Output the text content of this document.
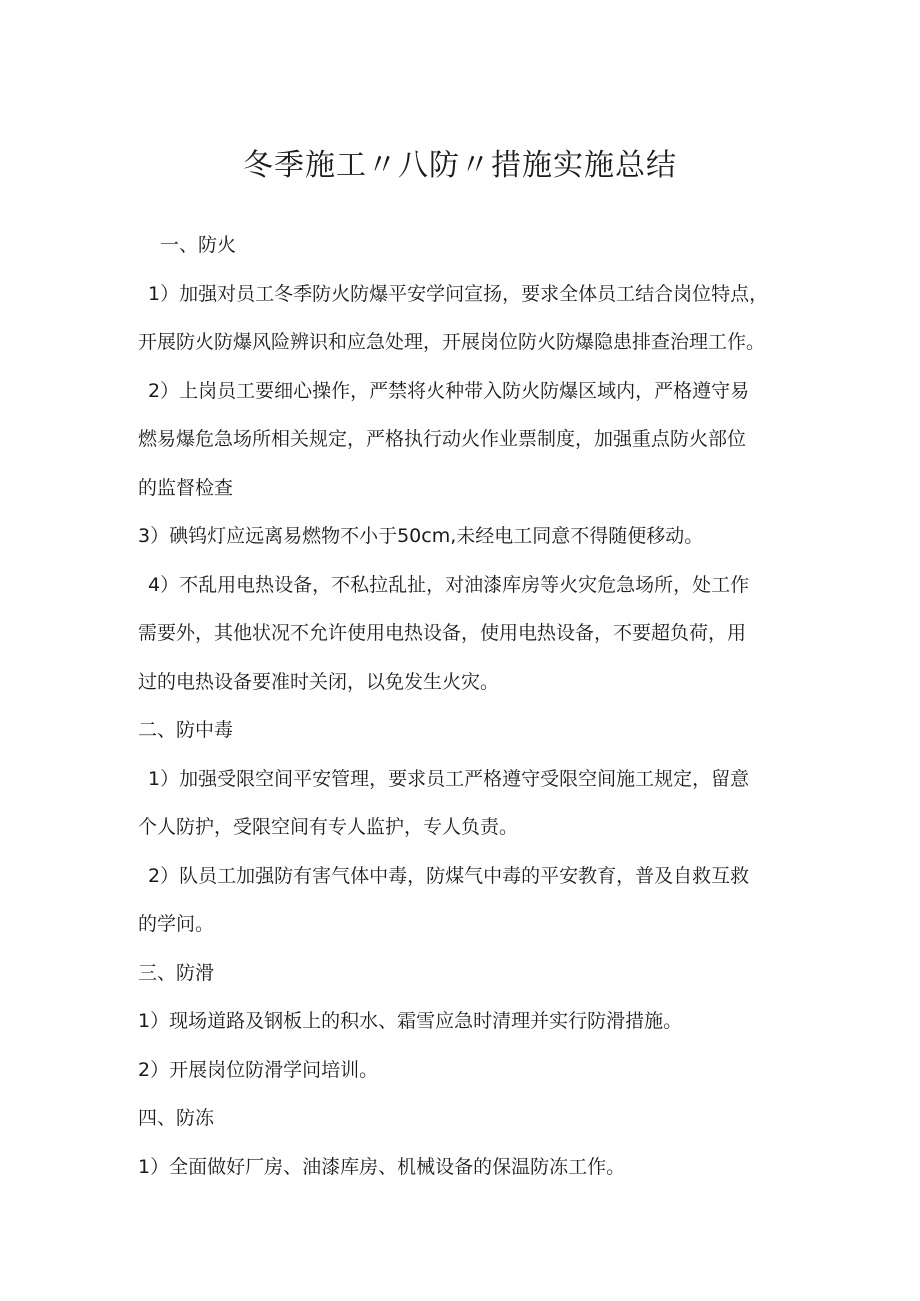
冬季施工〃八防〃措施实施总结

一、防火

1）加强对员工冬季防火防爆平安学问宣扬，要求全体员工结合岗位特点，

开展防火防爆风险辨识和应急处理，开展岗位防火防爆隐患排查治理工作。

2）上岗员工要细心操作，严禁将火种带入防火防爆区域内，严格遵守易

燃易爆危急场所相关规定，严格执行动火作业票制度，加强重点防火部位

的监督检查

3）碘钨灯应远离易燃物不小于50cm,未经电工同意不得随便移动。

4）不乱用电热设备，不私拉乱扯，对油漆库房等火灾危急场所，处工作

需要外，其他状况不允许使用电热设备，使用电热设备，不要超负荷，用

过的电热设备要准时关闭，以免发生火灾。

二、防中毒

1）加强受限空间平安管理，要求员工严格遵守受限空间施工规定，留意

个人防护，受限空间有专人监护，专人负责。

2）队员工加强防有害气体中毒，防煤气中毒的平安教育，普及自救互救

的学问。

三、防滑

1）现场道路及钢板上的积水、霜雪应急时清理并实行防滑措施。

2）开展岗位防滑学问培训。

四、防冻

1）全面做好厂房、油漆库房、机械设备的保温防冻工作。
